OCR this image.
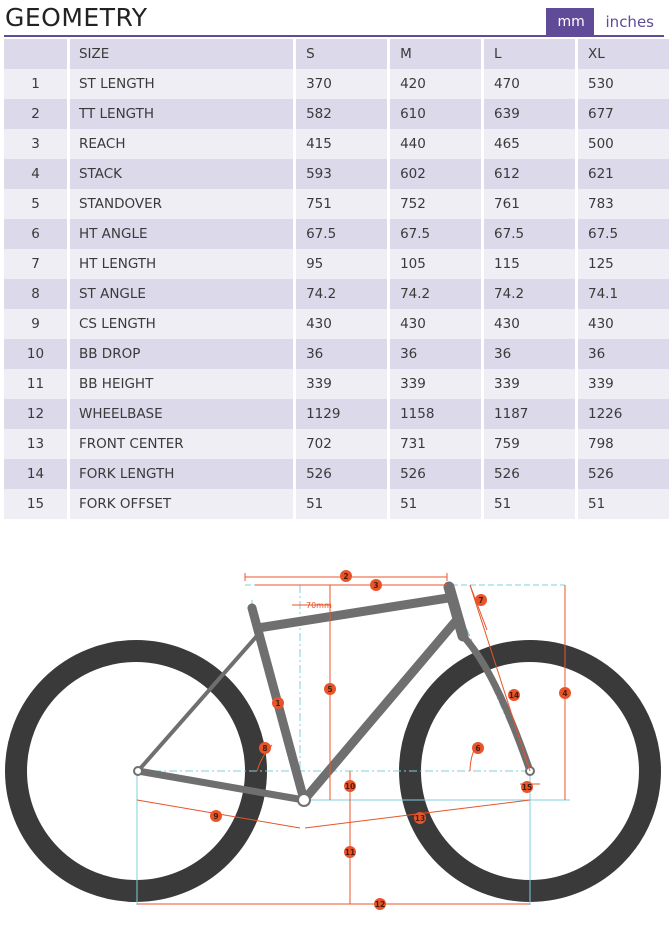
GEOMETRY	mm	inches
	SIZE	S	M	L	XL
1	ST LENGTH	370	420	470	530
2	TT LENGTH	582	610	639	677
3	REACH	415	440	465	500
4	STACK	593	602	612	621
5	STANDOVER	751	752	761	783
6	HT ANGLE	67.5	67.5	67.5	67.5
7	HT LENGTH	95	105	115	125
8	ST ANGLE	74.2	74.2	74.2	74.1
9	CS LENGTH	430	430	430	430
10	BB DROP	36	36	36	36
11	BB HEIGHT	339	339	339	339
12	WHEELBASE	1129	1158	1187	1226
13	FRONT CENTER	702	731	759	798
14	FORK LENGTH	526	526	526	526
15	FORK OFFSET	51	51	51	51
70mm
1
2
3
4
5
6
7
8
9
10
11
12
13
14
15
